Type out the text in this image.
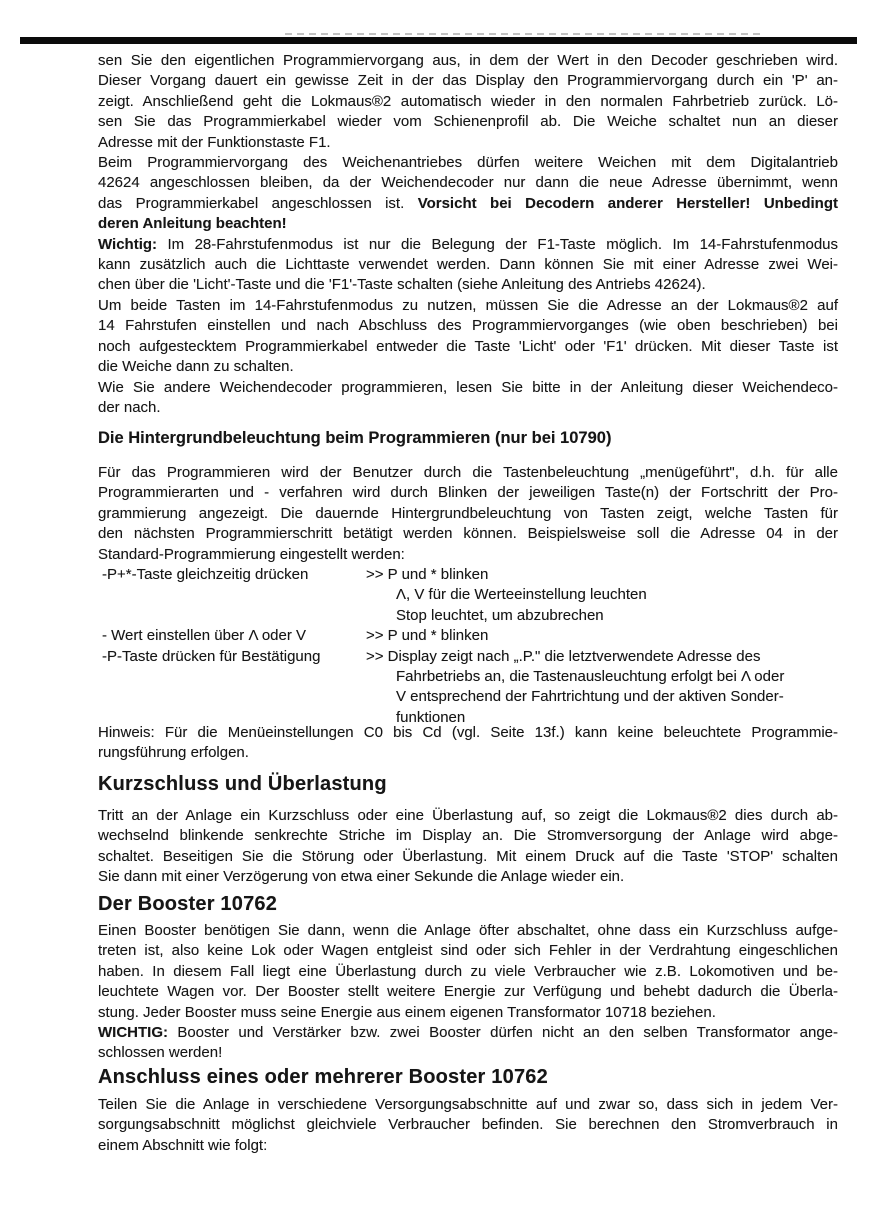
sen Sie den eigentlichen Programmiervorgang aus, in dem der Wert in den Decoder geschrieben wird.
Dieser Vorgang dauert ein gewisse Zeit in der das Display den Programmiervorgang durch ein 'P' an-
zeigt. Anschließend geht die Lokmaus®2 automatisch wieder in den normalen Fahrbetrieb zurück. Lö-
sen Sie das Programmierkabel wieder vom Schienenprofil ab. Die Weiche schaltet nun an dieser
Adresse mit der Funktionstaste F1.
Beim Programmiervorgang des Weichenantriebes dürfen weitere Weichen mit dem Digitalantrieb
42624 angeschlossen bleiben, da der Weichendecoder nur dann die neue Adresse übernimmt, wenn
das Programmierkabel angeschlossen ist. Vorsicht bei Decodern anderer Hersteller! Unbedingt
deren Anleitung beachten!
Wichtig: Im 28-Fahrstufenmodus ist nur die Belegung der F1-Taste möglich. Im 14-Fahrstufenmodus
kann zusätzlich auch die Lichttaste verwendet werden. Dann können Sie mit einer Adresse zwei Wei-
chen über die 'Licht'-Taste und die 'F1'-Taste schalten (siehe Anleitung des Antriebs 42624).
Um beide Tasten im 14-Fahrstufenmodus zu nutzen, müssen Sie die Adresse an der Lokmaus®2 auf
14 Fahrstufen einstellen und nach Abschluss des Programmiervorganges (wie oben beschrieben) bei
noch aufgestecktem Programmierkabel entweder die Taste 'Licht' oder 'F1' drücken. Mit dieser Taste ist
die Weiche dann zu schalten.
Wie Sie andere Weichendecoder programmieren, lesen Sie bitte in der Anleitung dieser Weichendeco-
der nach.
Die Hintergrundbeleuchtung beim Programmieren (nur bei 10790)
Für das Programmieren wird der Benutzer durch die Tastenbeleuchtung „menügeführt", d.h. für alle
Programmierarten und - verfahren wird durch Blinken der jeweiligen Taste(n) der Fortschritt der Pro-
grammierung angezeigt. Die dauernde Hintergrundbeleuchtung von Tasten zeigt, welche Tasten für
den nächsten Programmierschritt betätigt werden können. Beispielsweise soll die Adresse 04 in der
Standard-Programmierung eingestellt werden:
-P+*-Taste gleichzeitig drücken	>> P und * blinken
Λ, V für die Werteeinstellung leuchten
Stop leuchtet, um abzubrechen
- Wert einstellen über Λ oder V	>> P und * blinken
-P-Taste drücken für Bestätigung	>> Display zeigt nach „.P." die letztverwendete Adresse des
Fahrbetriebs an, die Tastenausleuchtung erfolgt bei Λ oder
V entsprechend der Fahrtrichtung und der aktiven Sonder-
funktionen
Hinweis: Für die Menüeinstellungen C0 bis Cd (vgl. Seite 13f.) kann keine beleuchtete Programmie-
rungsführung erfolgen.
Kurzschluss und Überlastung
Tritt an der Anlage ein Kurzschluss oder eine Überlastung auf, so zeigt die Lokmaus®2 dies durch ab-
wechselnd blinkende senkrechte Striche im Display an. Die Stromversorgung der Anlage wird abge-
schaltet. Beseitigen Sie die Störung oder Überlastung. Mit einem Druck auf die Taste 'STOP' schalten
Sie dann mit einer Verzögerung von etwa einer Sekunde die Anlage wieder ein.
Der Booster 10762
Einen Booster benötigen Sie dann, wenn die Anlage öfter abschaltet, ohne dass ein Kurzschluss aufge-
treten ist, also keine Lok oder Wagen entgleist sind oder sich Fehler in der Verdrahtung eingeschlichen
haben. In diesem Fall liegt eine Überlastung durch zu viele Verbraucher wie z.B. Lokomotiven und be-
leuchtete Wagen vor. Der Booster stellt weitere Energie zur Verfügung und behebt dadurch die Überla-
stung. Jeder Booster muss seine Energie aus einem eigenen Transformator 10718 beziehen.
WICHTIG: Booster und Verstärker bzw. zwei Booster dürfen nicht an den selben Transformator ange-
schlossen werden!
Anschluss eines oder mehrerer Booster 10762
Teilen Sie die Anlage in verschiedene Versorgungsabschnitte auf und zwar so, dass sich in jedem Ver-
sorgungsabschnitt möglichst gleichviele Verbraucher befinden. Sie berechnen den Stromverbrauch in
einem Abschnitt wie folgt:
